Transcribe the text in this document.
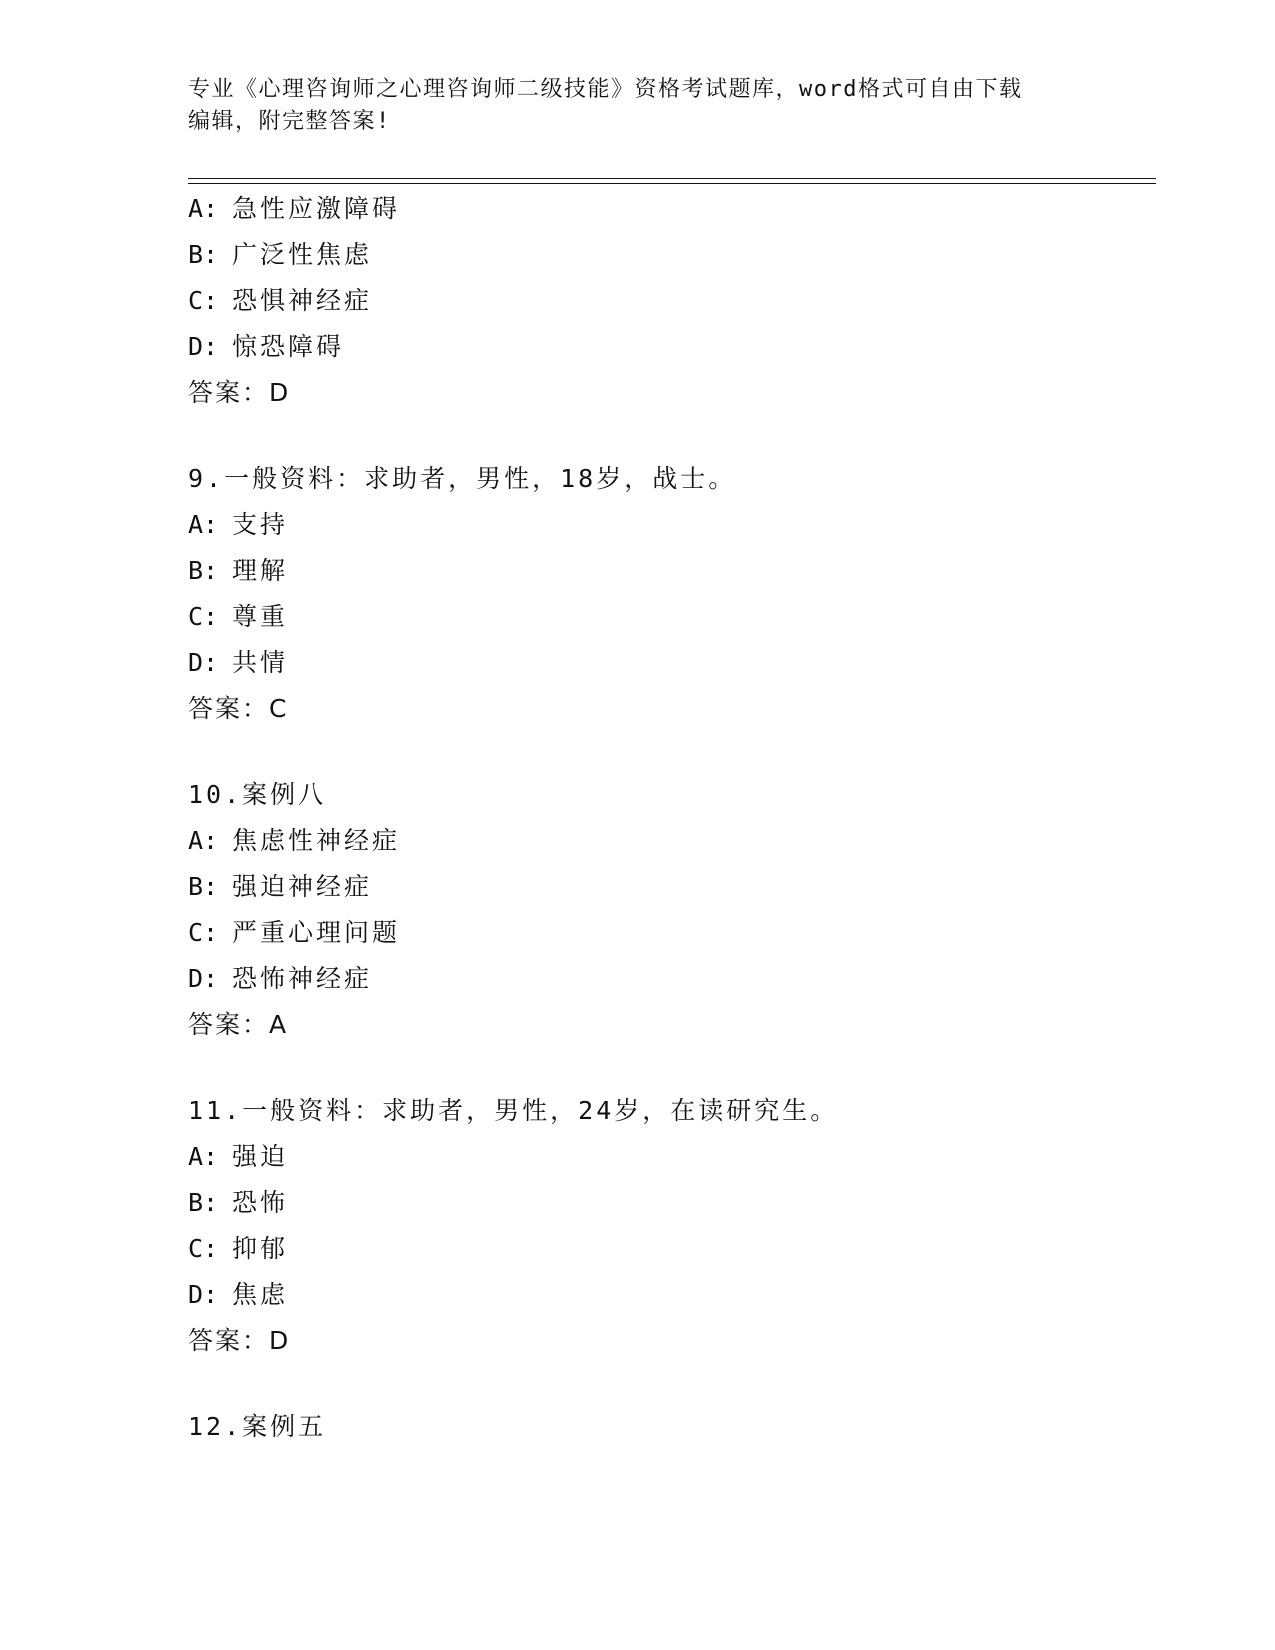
专业《心理咨询师之心理咨询师二级技能》资格考试题库，word格式可自由下载
编辑，附完整答案!
A: 急性应激障碍
B: 广泛性焦虑
C: 恐惧神经症
D: 惊恐障碍
答案：D
9.一般资料：求助者，男性，18岁，战士。
A: 支持
B: 理解
C: 尊重
D: 共情
答案：C
10.案例八
A: 焦虑性神经症
B: 强迫神经症
C: 严重心理问题
D: 恐怖神经症
答案：A
11.一般资料：求助者，男性，24岁，在读研究生。
A: 强迫
B: 恐怖
C: 抑郁
D: 焦虑
答案：D
12.案例五
